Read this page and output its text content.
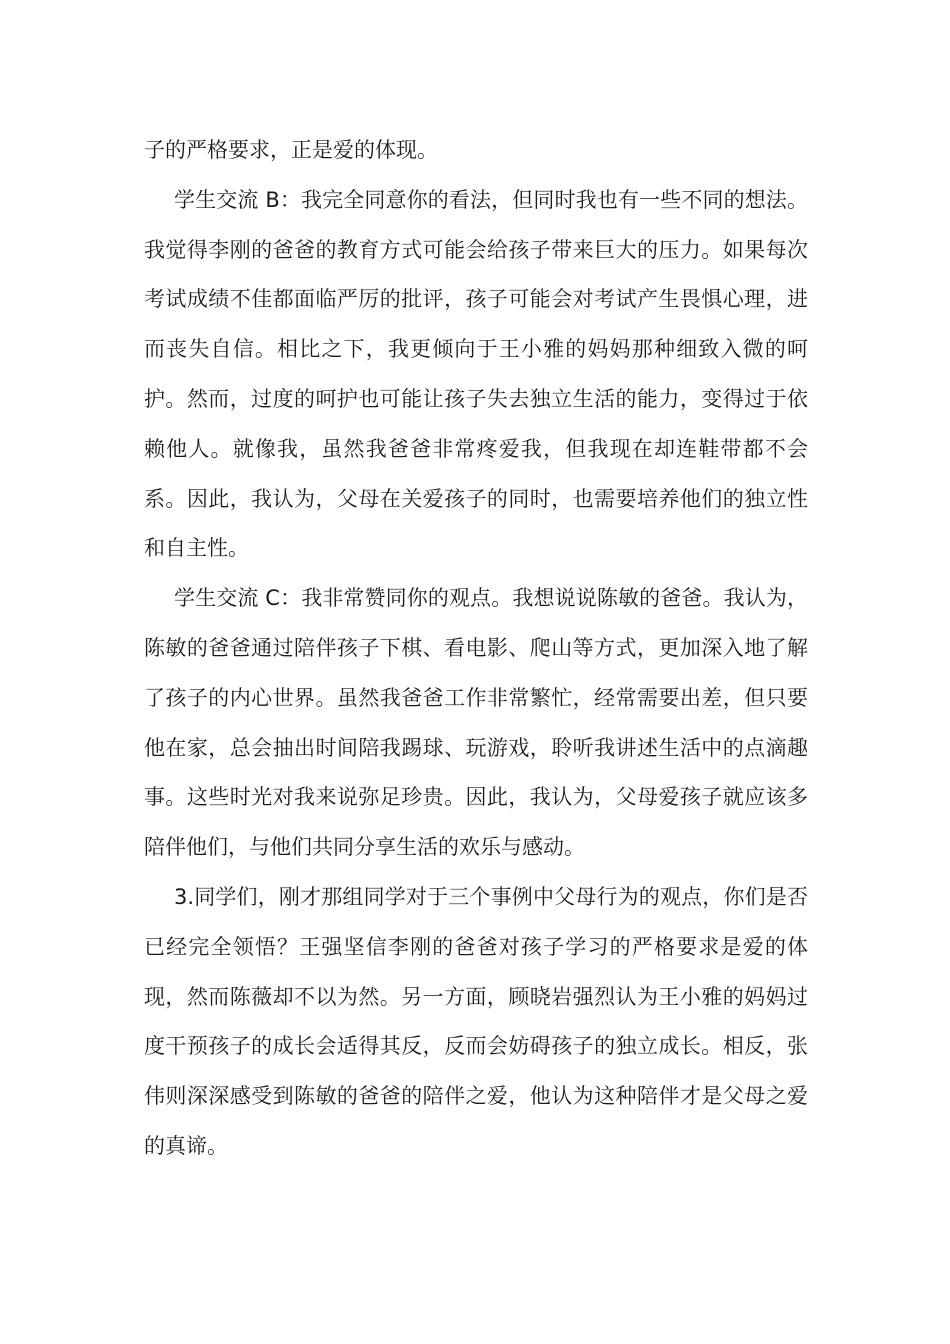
子的严格要求，正是爱的体现。

学生交流 B：我完全同意你的看法，但同时我也有一些不同的想法。我觉得李刚的爸爸的教育方式可能会给孩子带来巨大的压力。如果每次考试成绩不佳都面临严厉的批评，孩子可能会对考试产生畏惧心理，进而丧失自信。相比之下，我更倾向于王小雅的妈妈那种细致入微的呵护。然而，过度的呵护也可能让孩子失去独立生活的能力，变得过于依赖他人。就像我，虽然我爸爸非常疼爱我，但我现在却连鞋带都不会系。因此，我认为，父母在关爱孩子的同时，也需要培养他们的独立性和自主性。

学生交流 C：我非常赞同你的观点。我想说说陈敏的爸爸。我认为，陈敏的爸爸通过陪伴孩子下棋、看电影、爬山等方式，更加深入地了解了孩子的内心世界。虽然我爸爸工作非常繁忙，经常需要出差，但只要他在家，总会抽出时间陪我踢球、玩游戏，聆听我讲述生活中的点滴趣事。这些时光对我来说弥足珍贵。因此，我认为，父母爱孩子就应该多陪伴他们，与他们共同分享生活的欢乐与感动。

3.同学们，刚才那组同学对于三个事例中父母行为的观点，你们是否已经完全领悟？王强坚信李刚的爸爸对孩子学习的严格要求是爱的体现，然而陈薇却不以为然。另一方面，顾晓岩强烈认为王小雅的妈妈过度干预孩子的成长会适得其反，反而会妨碍孩子的独立成长。相反，张伟则深深感受到陈敏的爸爸的陪伴之爱，他认为这种陪伴才是父母之爱的真谛。
